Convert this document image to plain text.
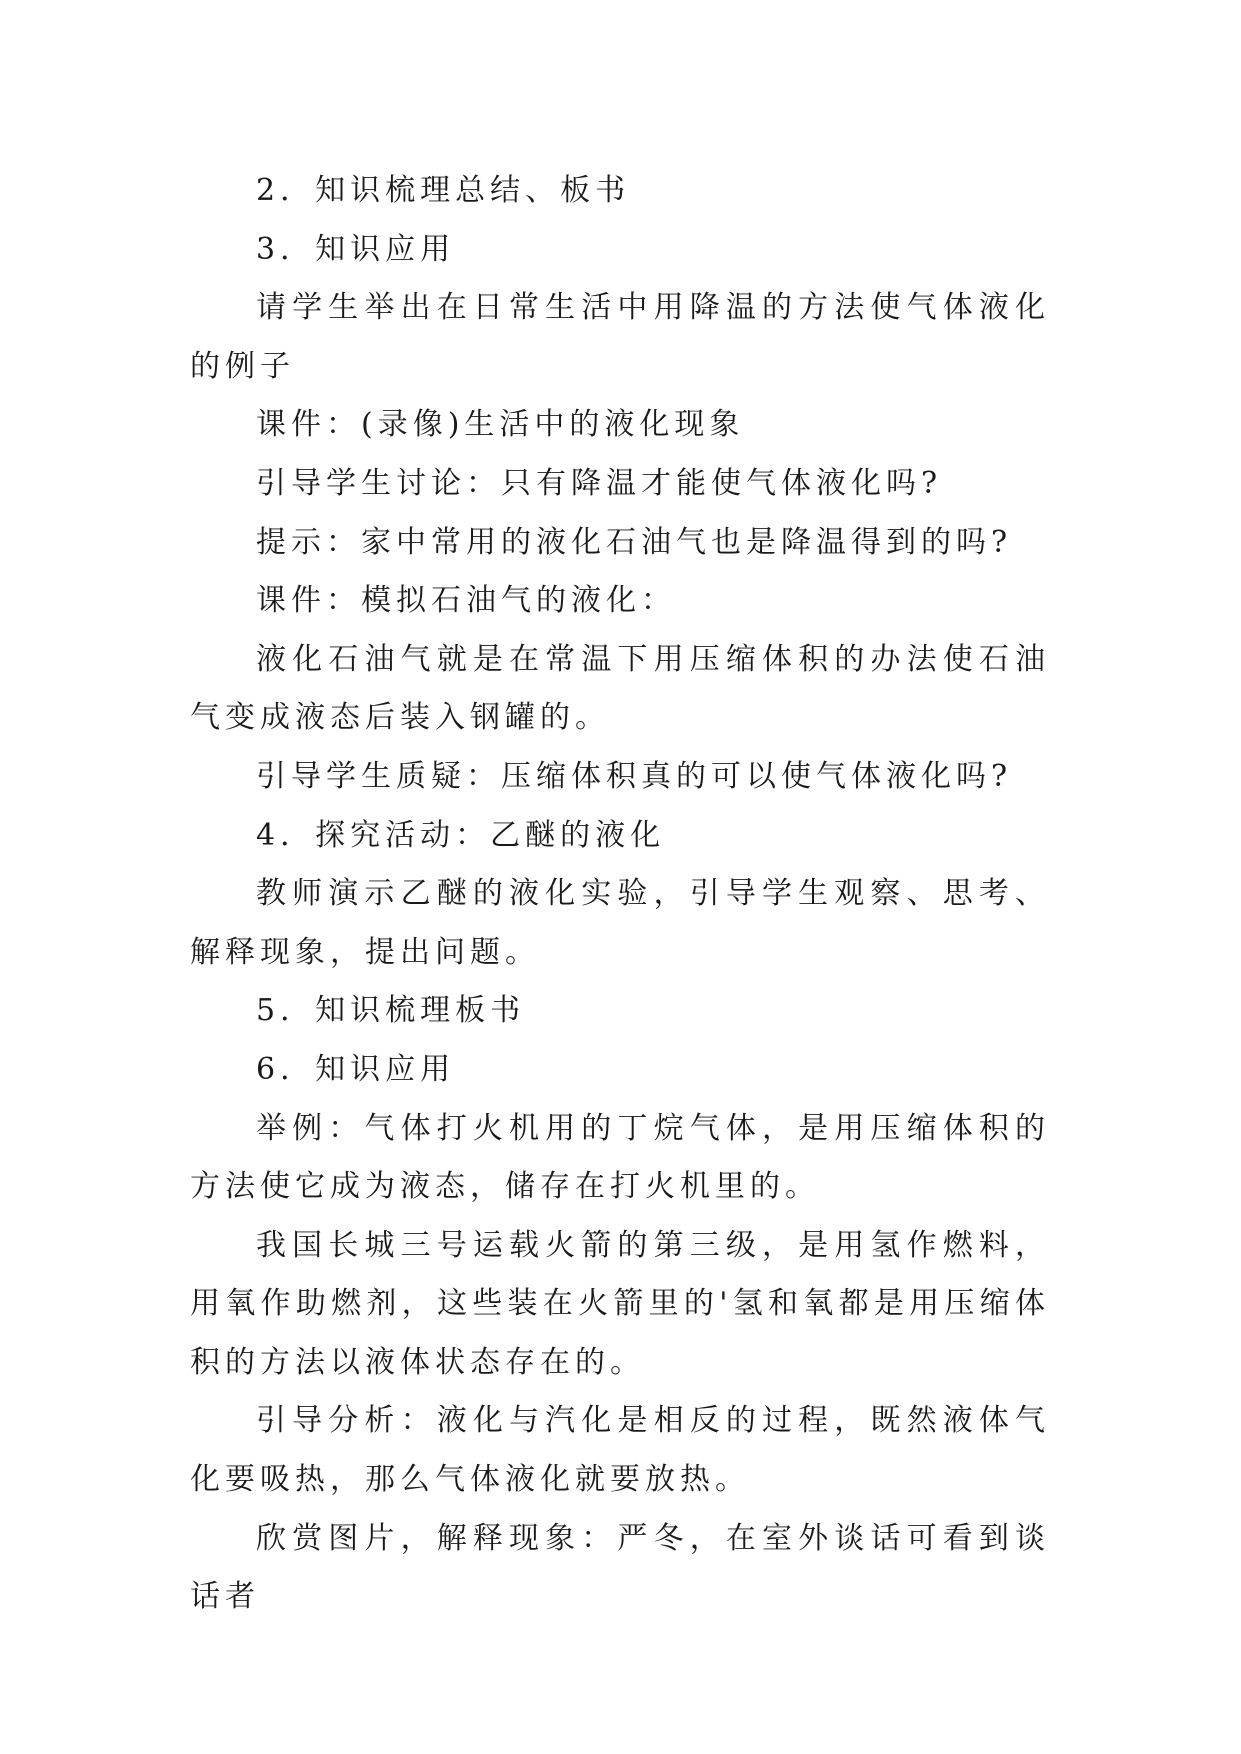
2．知识梳理总结、板书

3．知识应用

请学生举出在日常生活中用降温的方法使气体液化的例子

课件：(录像)生活中的液化现象

引导学生讨论：只有降温才能使气体液化吗?

提示：家中常用的液化石油气也是降温得到的吗?

课件：模拟石油气的液化：

液化石油气就是在常温下用压缩体积的办法使石油气变成液态后装入钢罐的。

引导学生质疑：压缩体积真的可以使气体液化吗?

4．探究活动：乙醚的液化

教师演示乙醚的液化实验，引导学生观察、思考、解释现象，提出问题。

5．知识梳理板书

6．知识应用

举例：气体打火机用的丁烷气体，是用压缩体积的方法使它成为液态，储存在打火机里的。

我国长城三号运载火箭的第三级，是用氢作燃料，用氧作助燃剂，这些装在火箭里的'氢和氧都是用压缩体积的方法以液体状态存在的。

引导分析：液化与汽化是相反的过程，既然液体气化要吸热，那么气体液化就要放热。

欣赏图片，解释现象：严冬，在室外谈话可看到谈话者
